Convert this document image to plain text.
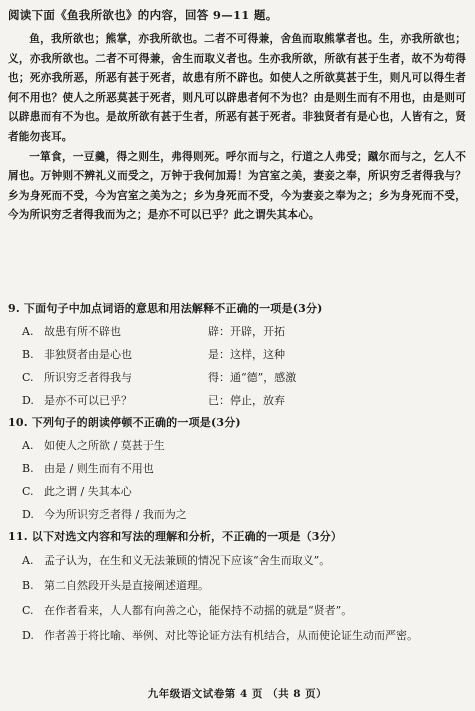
阅读下面《鱼我所欲也》的内容，回答 9—11 题。

鱼，我所欲也；熊掌，亦我所欲也。二者不可得兼，舍鱼而取熊掌者也。生，亦我所欲也；义，亦我所欲也。二者不可得兼，舍生而取义者也。生亦我所欲，所欲有甚于生者，故不为苟得也；死亦我所恶，所恶有甚于死者，故患有所不辟也。如使人之所欲莫甚于生，则凡可以得生者何不用也？使人之所恶莫甚于死者，则凡可以辟患者何不为也？由是则生而有不用也，由是则可以辟患而有不为也。是故所欲有甚于生者，所恶有甚于死者。非独贤者有是心也，人皆有之，贤者能勿丧耳。

一箪食，一豆羹，得之则生，弗得则死。呼尔而与之，行道之人弗受；蹴尔而与之，乞人不屑也。万钟则不辨礼义而受之，万钟于我何加焉！为宫室之美，妻妾之奉，所识穷乏者得我与？乡为身死而不受，今为宫室之美为之；乡为身死而不受，今为妻妾之奉为之；乡为身死而不受，今为所识穷乏者得我而为之；是亦不可以已乎？此之谓失其本心。

9. 下面句子中加点词语的意思和用法解释不正确的一项是(3分)
A. 故患有所不辟也	辟：开辟，开拓
B. 非独贤者由是心也	是：这样，这种
C. 所识穷乏者得我与	得：通“德”，感激
D. 是亦不可以已乎？	已：停止，放弃
10. 下列句子的朗读停顿不正确的一项是(3分)
A. 如使人之所欲 / 莫甚于生
B. 由是 / 则生而有不用也
C. 此之谓 / 失其本心
D. 今为所识穷乏者得 / 我而为之
11. 以下对选文内容和写法的理解和分析，不正确的一项是（3分）
A. 孟子认为，在生和义无法兼顾的情况下应该“舍生而取义”。
B. 第二自然段开头是直接阐述道理。
C. 在作者看来，人人都有向善之心，能保持不动摇的就是“贤者”。
D. 作者善于将比喻、举例、对比等论证方法有机结合，从而使论证生动而严密。
九年级语文试卷第 4 页 （共 8 页）
